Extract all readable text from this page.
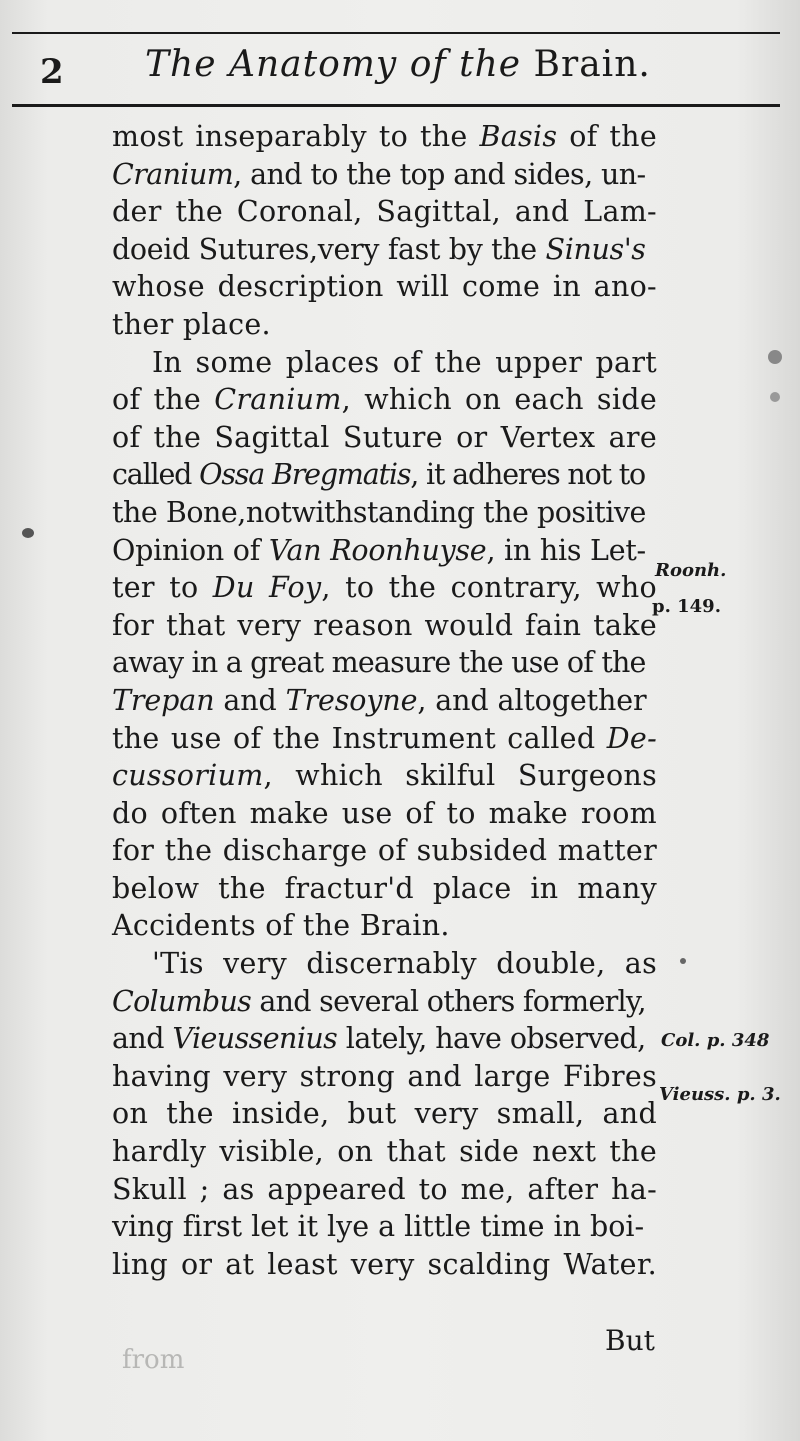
2 The Anatomy of the Brain.
most inseparably to the Basis of the
Cranium, and to the top and sides, un-
der the Coronal, Sagittal, and Lam-
doeid Sutures,very fast by the Sinus's
whose description will come in ano-
ther place.
In some places of the upper part
of the Cranium, which on each side
of the Sagittal Suture or Vertex are
called Ossa Bregmatis, it adheres not to
the Bone,notwithstanding the positive
Opinion of Van Roonhuyse, in his Let-
ter to Du Foy, to the contrary, who
for that very reason would fain take
away in a great measure the use of the
Trepan and Tresoyne, and altogether
the use of the Instrument called De-
cussorium, which skilful Surgeons
do often make use of to make room
for the discharge of subsided matter
below the fractur'd place in many
Accidents of the Brain.
'Tis very discernably double, as
Columbus and several others formerly,
and Vieussenius lately, have observed,
having very strong and large Fibres
on the inside, but very small, and
hardly visible, on that side next the
Skull ; as appeared to me, after ha-
ving first let it lye a little time in boi-
ling or at least very scalding Water.
But
from
Roonh.
p. 149.
Col. p. 348
Vieuss. p. 3.
